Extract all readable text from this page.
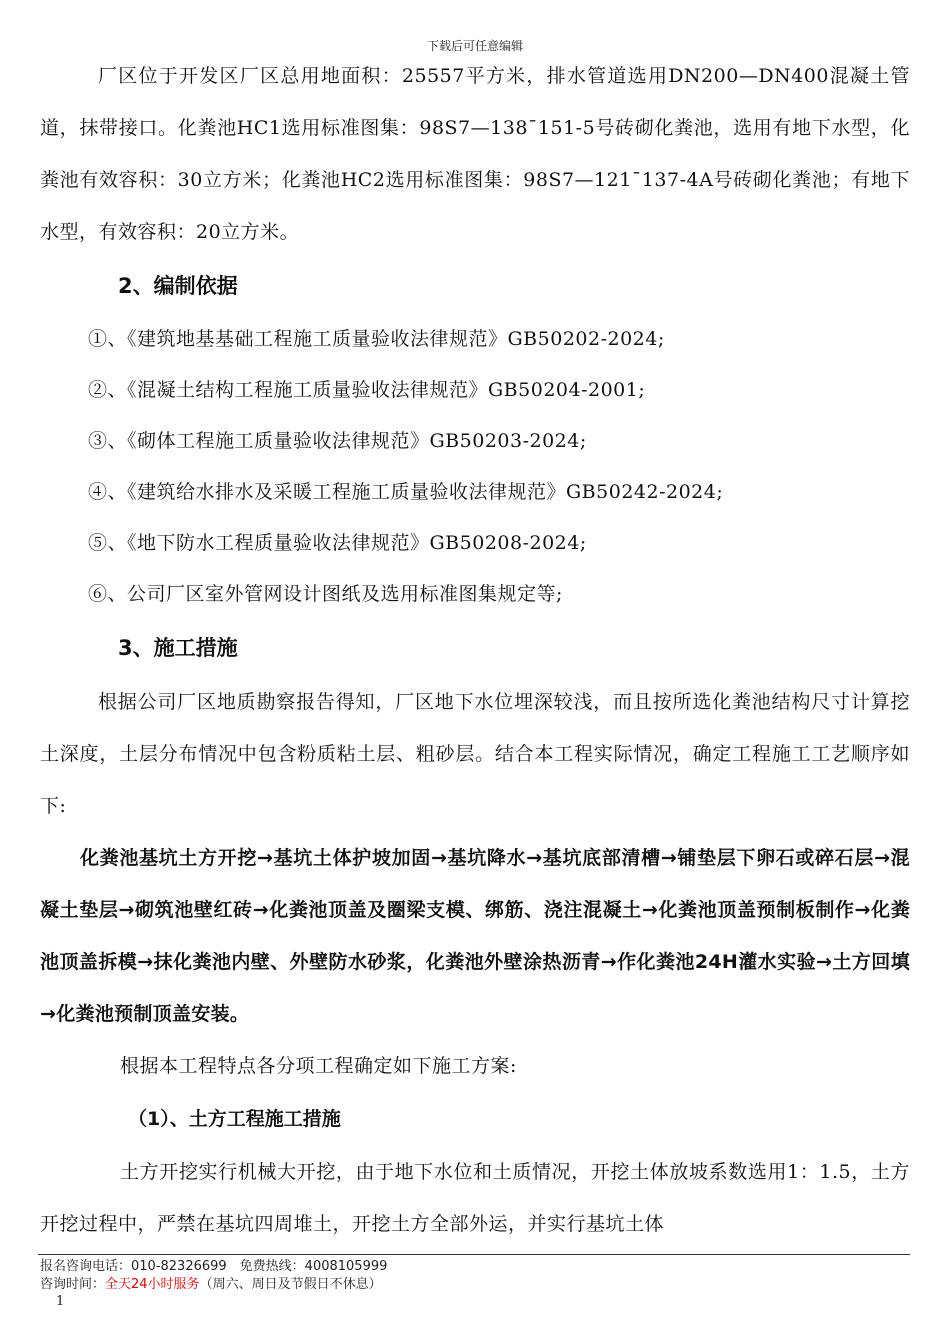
下载后可任意编辑

厂区位于开发区厂区总用地面积：25557平方米，排水管道选用DN200—DN400混凝土管道，抹带接口。化粪池HC1选用标准图集：98S7—138¯151-5号砖砌化粪池，选用有地下水型，化粪池有效容积：30立方米；化粪池HC2选用标准图集：98S7—121¯137-4A号砖砌化粪池；有地下水型，有效容积：20立方米。

2、编制依据

①、《建筑地基基础工程施工质量验收法律规范》GB50202-2024;

②、《混凝土结构工程施工质量验收法律规范》GB50204-2001;

③、《砌体工程施工质量验收法律规范》GB50203-2024;

④、《建筑给水排水及采暖工程施工质量验收法律规范》GB50242-2024;

⑤、《地下防水工程质量验收法律规范》GB50208-2024;

⑥、公司厂区室外管网设计图纸及选用标准图集规定等;

3、施工措施

根据公司厂区地质勘察报告得知，厂区地下水位埋深较浅，而且按所选化粪池结构尺寸计算挖土深度，土层分布情况中包含粉质粘土层、粗砂层。结合本工程实际情况，确定工程施工工艺顺序如下:

化粪池基坑土方开挖→基坑土体护坡加固→基坑降水→基坑底部清槽→铺垫层下卵石或碎石层→混凝土垫层→砌筑池壁红砖→化粪池顶盖及圈梁支模、绑筋、浇注混凝土→化粪池顶盖预制板制作→化粪池顶盖拆模→抹化粪池内壁、外壁防水砂浆，化粪池外壁涂热沥青→作化粪池24H灌水实验→土方回填→化粪池预制顶盖安装。

根据本工程特点各分项工程确定如下施工方案:

（1）、土方工程施工措施

土方开挖实行机械大开挖，由于地下水位和土质情况，开挖土体放坡系数选用1：1.5，土方开挖过程中，严禁在基坑四周堆土，开挖土方全部外运，并实行基坑土体

报名咨询电话：010-82326699　免费热线：4008105999
咨询时间：全天24小时服务（周六、周日及节假日不休息）
1
